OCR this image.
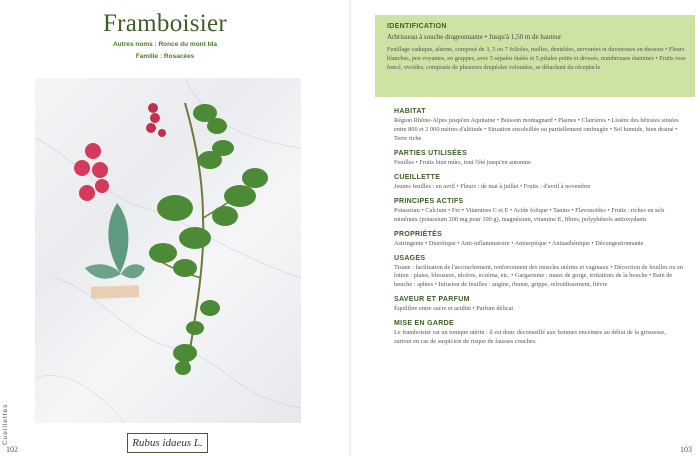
Framboisier
Autres noms : Ronce du mont Ida
Famille : Rosacées
Rubus idaeus L.
Cueillettes
102
IDENTIFICATION
Arbrisseau à souche drageonnante • Jusqu'à 1,50 m de hauteur
Feuillage caduque, alterne, composé de 3, 5 ou 7 folioles, molles, dentelées, nervurées et duveteuses en dessous • Fleurs blanches, peu voyantes, en grappes, avec 5 sépales étalés et 5 pétales petits et dressés, nombreuses étamines • Fruits rose foncé, ovoïdes, composés de plusieurs drupéoles veloutées, se détachant du réceptacle
HABITAT

Région Rhône-Alpes jusqu'en Aquitaine • Buisson montagnard • Plaines • Clairières • Lisière des hêtraies situées entre 800 et 2 000 mètres d'altitude • Situation ensoleillée ou partiellement ombragée • Sol humide, bien drainé • Terre riche

PARTIES UTILISÉES

Feuilles • Fruits bien mûrs, tout l'été jusqu'en automne

CUEILLETTE

Jeunes feuilles : en avril • Fleurs : de mai à juillet • Fruits : d'avril à novembre

PRINCIPES ACTIFS

Potassium • Calcium • Fer • Vitamines C et E • Acide folique • Tanins • Flavonoïdes • Fruits : riches en sels minéraux (potassium 200 mg pour 100 g), magnésium, vitamine E, fibres, polyphénols antioxydants

PROPRIÉTÉS

Astringente • Diurétique • Anti-inflammatoire • Antiseptique • Antiasthénique • Décongestionnante

USAGES

Tisane : facilitation de l'accouchement, renforcement des muscles utérins et vaginaux • Décoction de feuilles ou en lotion : plaies, blessures, ulcères, eczéma, etc. • Gargarisme : maux de gorge, irritations de la bouche • Bain de bouche : aphtes • Infusion de feuilles : angine, rhume, grippe, refroidissement, fièvre

SAVEUR ET PARFUM

Équilibre entre sucre et acidité • Parfum délicat

MISE EN GARDE

Le framboisier est un tonique utérin : il est donc déconseillé aux femmes enceintes au début de la grossesse, surtout en cas de suspicion de risque de fausses couches.

103
